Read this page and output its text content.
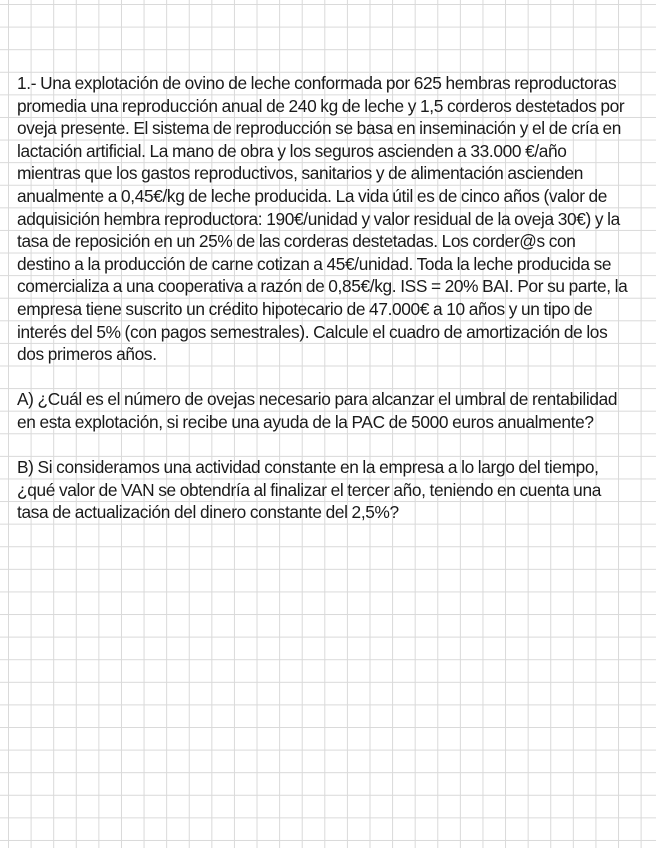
1.- Una explotación de ovino de leche conformada por 625 hembras reproductoras promedia una reproducción anual de 240 kg de leche y 1,5 corderos destetados por oveja presente. El sistema de reproducción se basa en inseminación y el de cría en lactación artificial. La mano de obra y los seguros ascienden a 33.000 €/año mientras que los gastos reproductivos, sanitarios y de alimentación ascienden anualmente a 0,45€/kg de leche producida. La vida útil es de cinco años (valor de adquisición hembra reproductora: 190€/unidad y valor residual de la oveja 30€) y la tasa de reposición en un 25% de las corderas destetadas. Los corder@s con destino a la producción de carne cotizan a 45€/unidad. Toda la leche producida se comercializa a una cooperativa a razón de 0,85€/kg. ISS = 20% BAI. Por su parte, la empresa tiene suscrito un crédito hipotecario de 47.000€ a 10 años y un tipo de interés del 5% (con pagos semestrales). Calcule el cuadro de amortización de los dos primeros años.

A) ¿Cuál es el número de ovejas necesario para alcanzar el umbral de rentabilidad en esta explotación, si recibe una ayuda de la PAC de 5000 euros anualmente?

B) Si consideramos una actividad constante en la empresa a lo largo del tiempo, ¿qué valor de VAN se obtendría al finalizar el tercer año, teniendo en cuenta una tasa de actualización del dinero constante del 2,5%?
